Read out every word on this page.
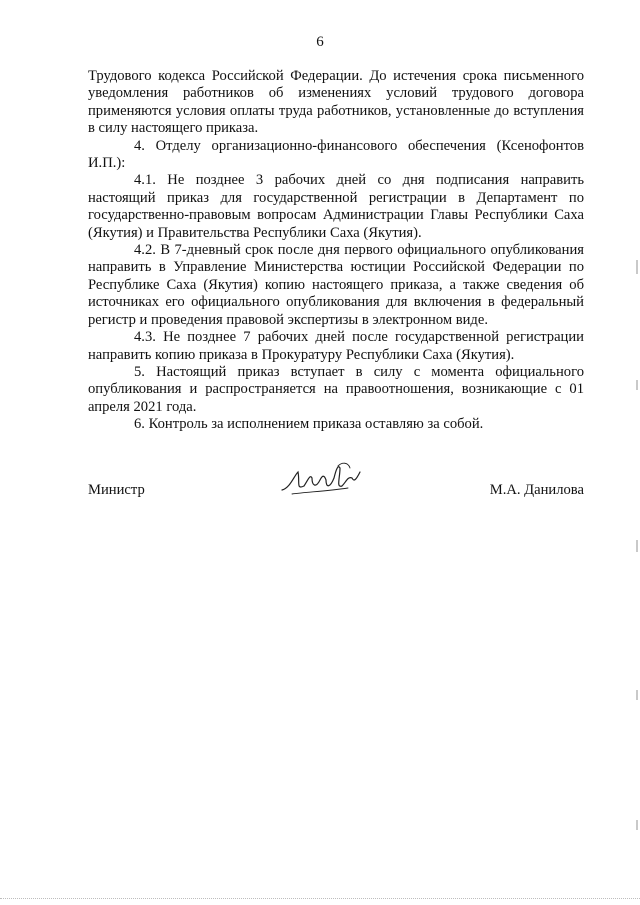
6

Трудового кодекса Российской Федерации. До истечения срока письменного уведомления работников об изменениях условий трудового договора применяются условия оплаты труда работников, установленные до вступления в силу настоящего приказа.

4. Отделу организационно-финансового обеспечения (Ксенофонтов И.П.):

4.1. Не позднее 3 рабочих дней со дня подписания направить настоящий приказ для государственной регистрации в Департамент по государственно-правовым вопросам Администрации Главы Республики Саха (Якутия) и Правительства Республики Саха (Якутия).

4.2. В 7-дневный срок после дня первого официального опубликования направить в Управление Министерства юстиции Российской Федерации по Республике Саха (Якутия) копию настоящего приказа, а также сведения об источниках его официального опубликования для включения в федеральный регистр и проведения правовой экспертизы в электронном виде.

4.3. Не позднее 7 рабочих дней после государственной регистрации направить копию приказа в Прокуратуру Республики Саха (Якутия).

5. Настоящий приказ вступает в силу с момента официального опубликования и распространяется на правоотношения, возникающие с 01 апреля 2021 года.

6. Контроль за исполнением приказа оставляю за собой.

Министр	М.А. Данилова
